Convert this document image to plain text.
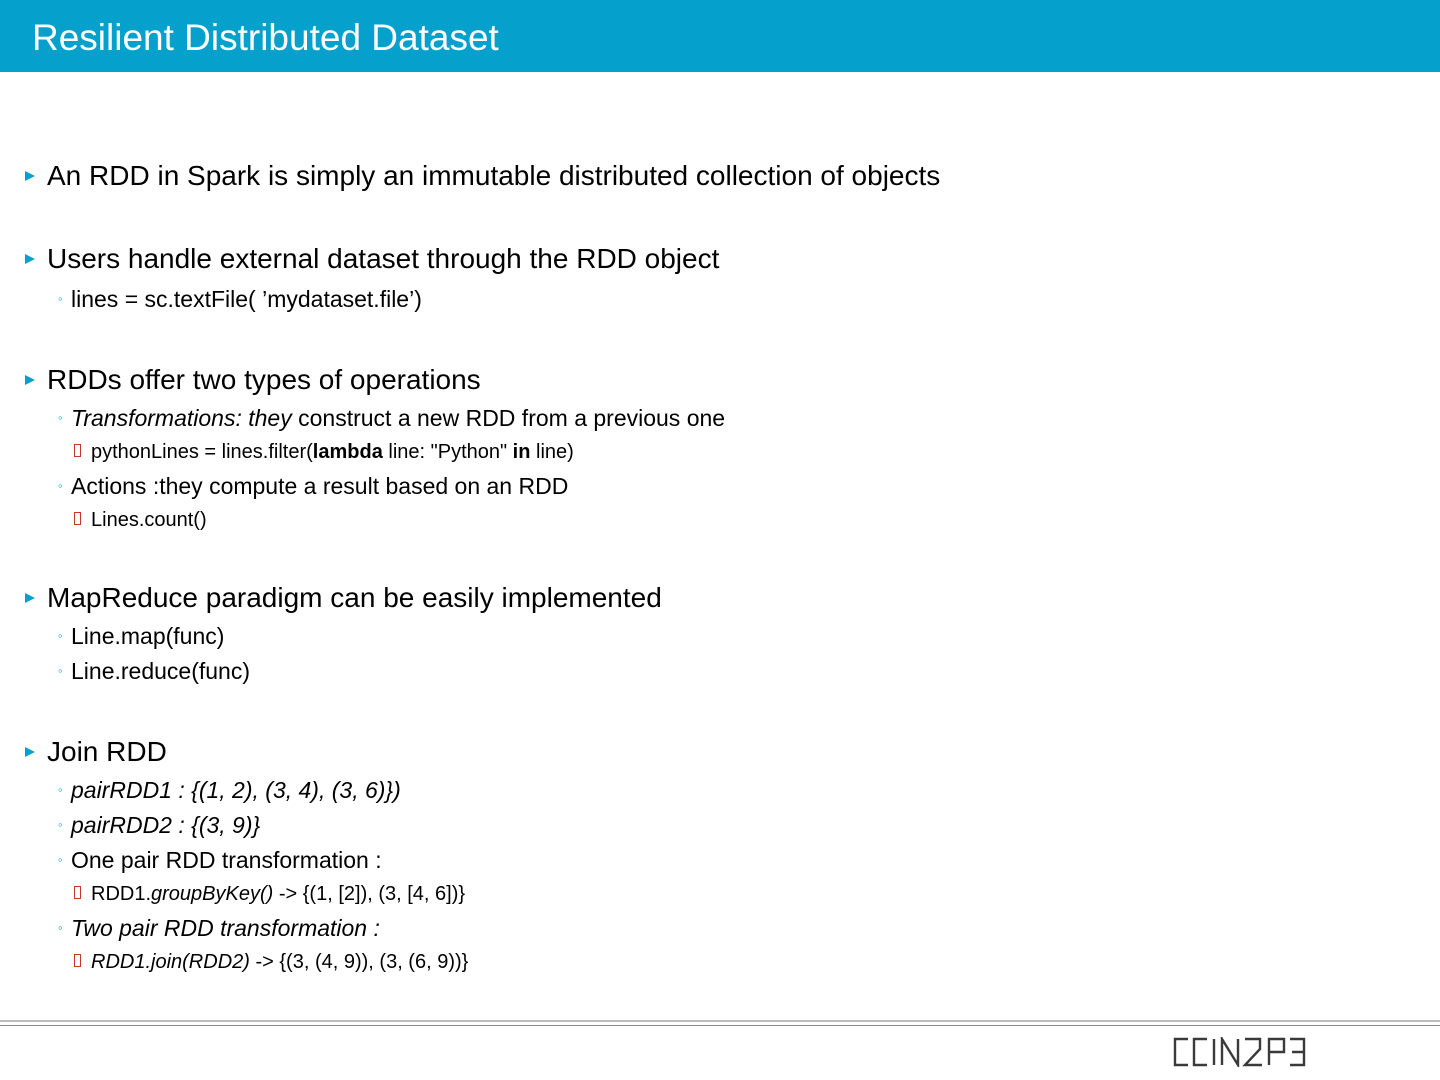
Resilient Distributed Dataset
An RDD in Spark is simply an immutable distributed collection of objects
Users handle external dataset through the RDD object
◦ lines = sc.textFile( ’mydataset.file’)
RDDs offer two types of operations
◦ Transformations: they construct a new RDD from a previous one
pythonLines = lines.filter(lambda line: "Python" in line)
◦ Actions :they compute a result based on an RDD
Lines.count()
MapReduce paradigm can be easily implemented
◦ Line.map(func)
◦ Line.reduce(func)
Join RDD
◦ pairRDD1 : {(1, 2), (3, 4), (3, 6)})
◦ pairRDD2 : {(3, 9)}
◦ One pair RDD transformation :
RDD1.groupByKey() -> {(1, [2]), (3, [4, 6])}
◦ Two pair RDD transformation :
RDD1.join(RDD2) -> {(3, (4, 9)), (3, (6, 9))}
